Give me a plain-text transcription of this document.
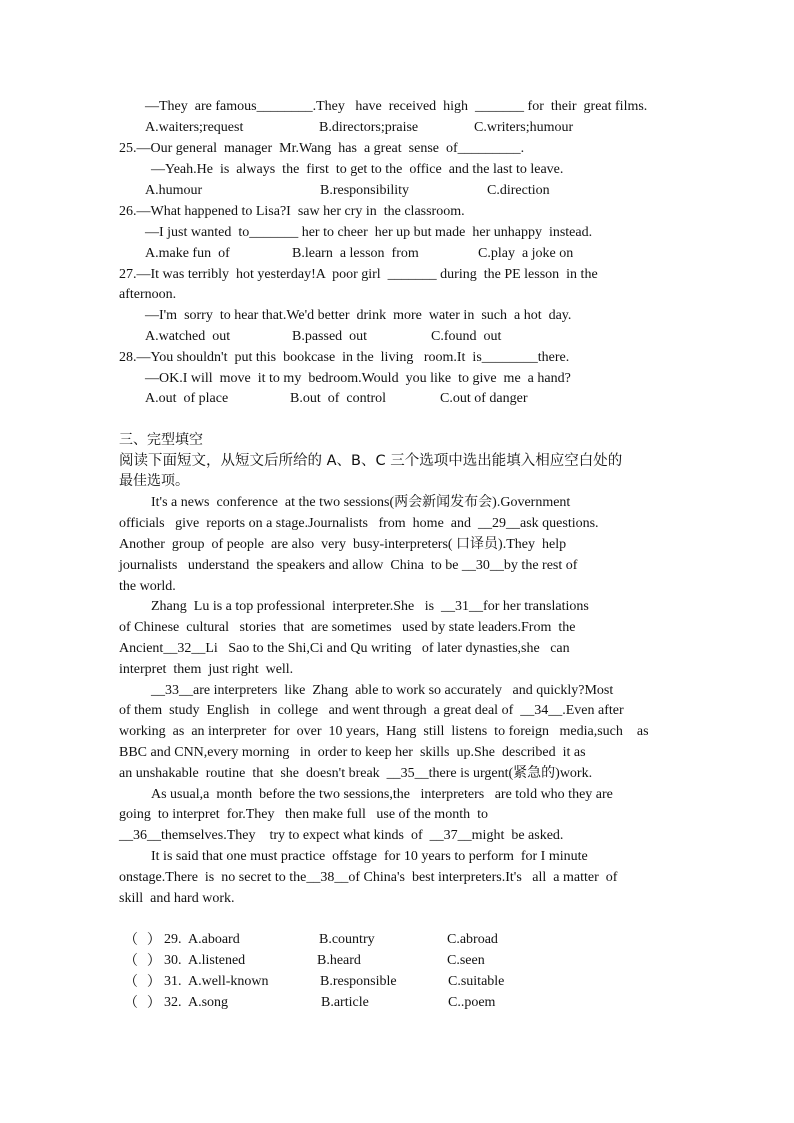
—They  are famous________.They   have  received  high  _______ for  their  great films.
A.waiters;request	B.directors;praise	C.writers;humour
25.—Our general  manager  Mr.Wang  has  a great  sense  of_________.
—Yeah.He  is  always  the  first  to get to the  office  and the last to leave.
A.humour	B.responsibility	C.direction
26.—What happened to Lisa?I  saw her cry in  the classroom.
—I just wanted  to_______ her to cheer  her up but made  her unhappy  instead.
A.make fun  of	B.learn  a lesson  from	C.play  a joke on
27.—It was terribly  hot yesterday!A  poor girl  _______ during  the PE lesson  in the
afternoon.
—I'm  sorry  to hear that.We'd better  drink  more  water in  such  a hot  day.
A.watched  out	B.passed  out	C.found  out
28.—You shouldn't  put this  bookcase  in the  living   room.It  is________there.
—OK.I will  move  it to my  bedroom.Would  you like  to give  me  a hand?
A.out  of place	B.out  of  control	C.out of danger
三、完型填空
阅读下面短文，从短文后所给的 A、B、C 三个选项中选出能填入相应空白处的
最佳选项。
It's a news  conference  at the two sessions(两会新闻发布会).Government
officials   give  reports on a stage.Journalists   from  home  and  __29__ask questions.
Another  group  of people  are also  very  busy-interpreters( 口译员).They  help
journalists   understand  the speakers and allow  China  to be __30__by the rest of
the world.
Zhang  Lu is a top professional  interpreter.She   is  __31__for her translations
of Chinese  cultural   stories  that  are sometimes   used by state leaders.From  the
Ancient__32__Li   Sao to the Shi,Ci and Qu writing   of later dynasties,she   can
interpret  them  just right  well.
__33__are interpreters  like  Zhang  able to work so accurately   and quickly?Most
of them  study  English   in  college   and went through  a great deal of  __34__.Even after
working  as  an interpreter  for  over  10 years,  Hang  still  listens  to foreign   media,such    as
BBC and CNN,every morning   in  order to keep her  skills  up.She  described  it as
an unshakable  routine  that  she  doesn't break  __35__there is urgent(紧急的)work.
As usual,a  month  before the two sessions,the   interpreters   are told who they are
going  to interpret  for.They   then make full   use of the month  to
__36__themselves.They    try to expect what kinds  of  __37__might  be asked.
It is said that one must practice  offstage  for 10 years to perform  for I minute
onstage.There  is  no secret to the__38__of China's  best interpreters.It's   all  a matter  of
skill  and hard work.
（  ） 29. A.aboard	B.country	C.abroad
（  ） 30. A.listened	B.heard	C.seen
（  ） 31. A.well-known	B.responsible	C.suitable
（  ） 32. A.song	B.article	C..poem
